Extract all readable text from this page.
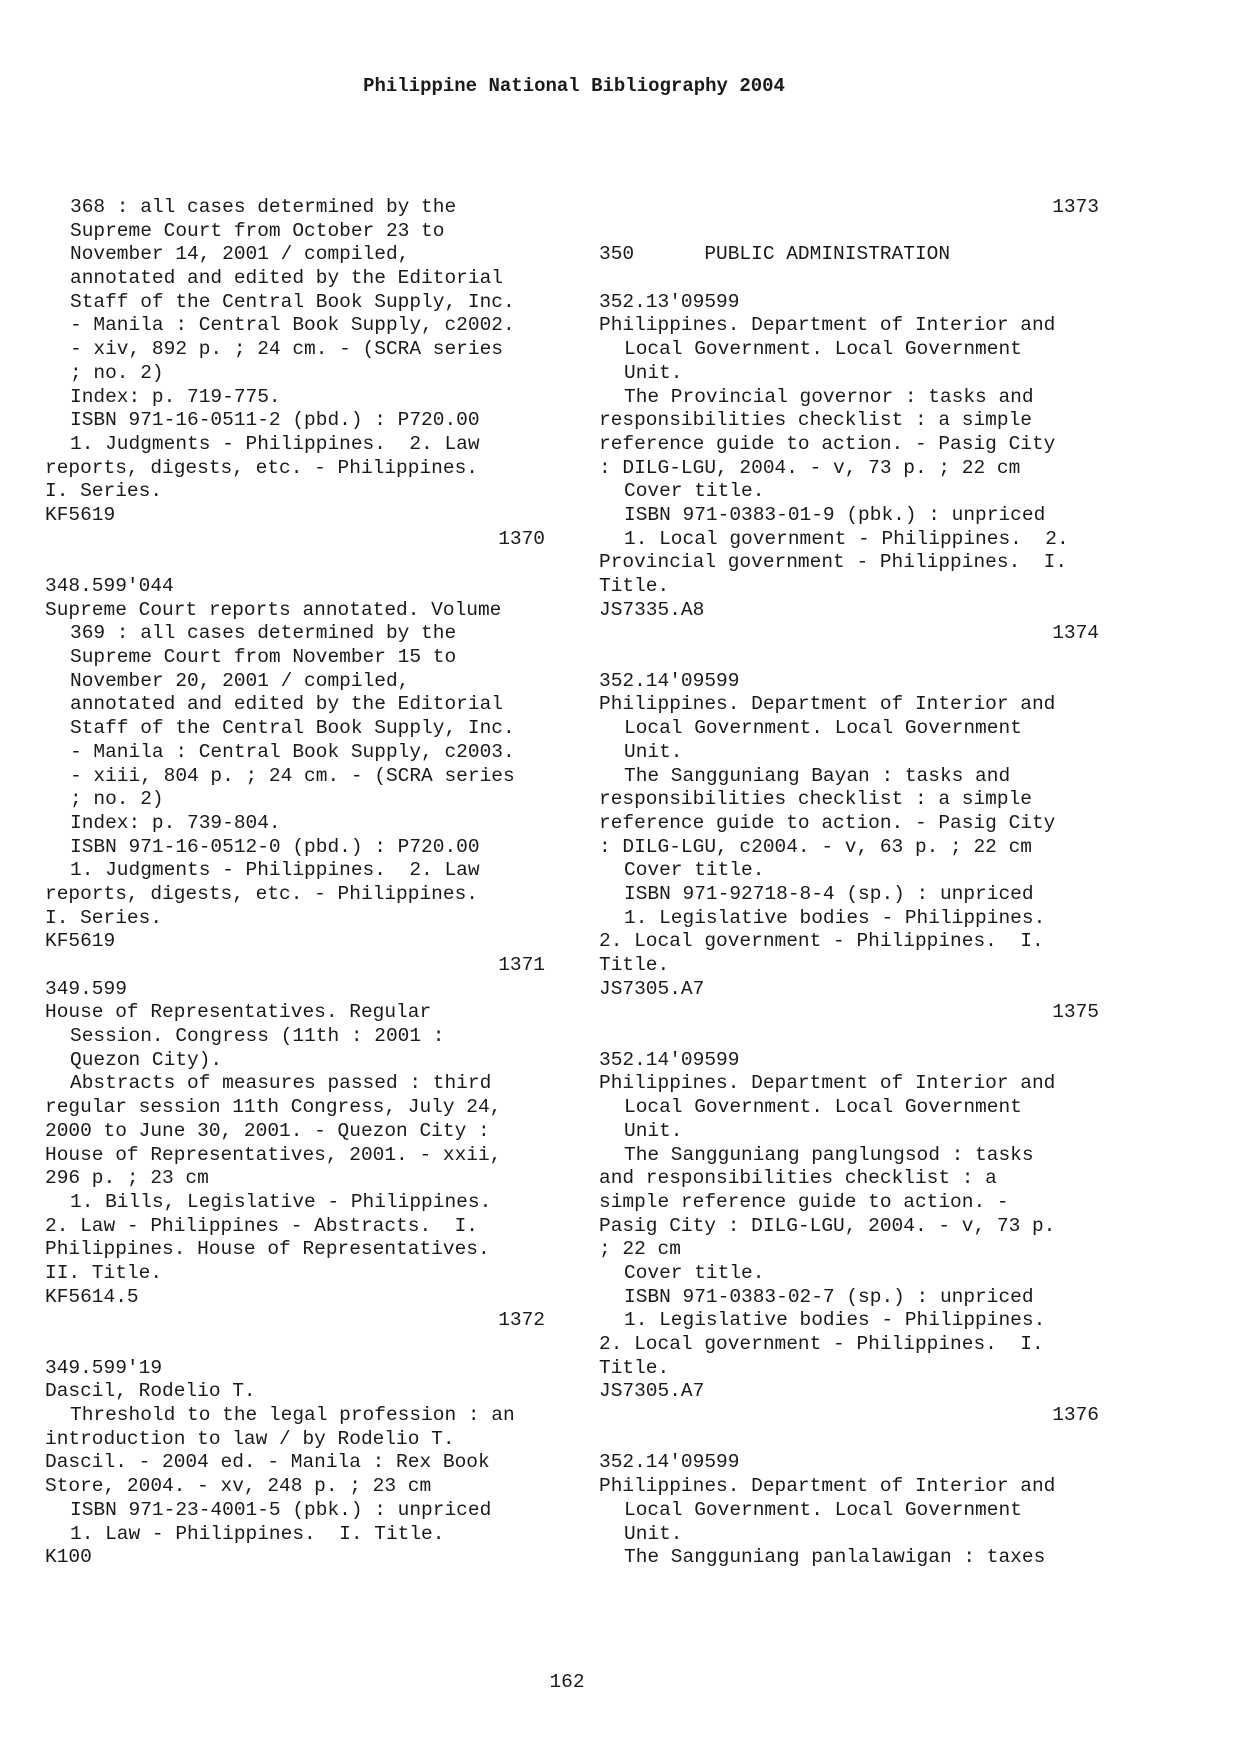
Philippine National Bibliography 2004
368 : all cases determined by the
Supreme Court from October 23 to
November 14, 2001 / compiled,
annotated and edited by the Editorial
Staff of the Central Book Supply, Inc.
- Manila : Central Book Supply, c2002.
- xiv, 892 p. ; 24 cm. - (SCRA series
; no. 2)
Index: p. 719-775.
ISBN 971-16-0511-2 (pbd.) : P720.00
1. Judgments - Philippines.  2. Law
reports, digests, etc. - Philippines.
I. Series.
KF5619
1370
348.599'044
Supreme Court reports annotated. Volume
369 : all cases determined by the
Supreme Court from November 15 to
November 20, 2001 / compiled,
annotated and edited by the Editorial
Staff of the Central Book Supply, Inc.
- Manila : Central Book Supply, c2003.
- xiii, 804 p. ; 24 cm. - (SCRA series
; no. 2)
Index: p. 739-804.
ISBN 971-16-0512-0 (pbd.) : P720.00
1. Judgments - Philippines.  2. Law
reports, digests, etc. - Philippines.
I. Series.
KF5619
1371
349.599
House of Representatives. Regular
Session. Congress (11th : 2001 :
Quezon City).
Abstracts of measures passed : third
regular session 11th Congress, July 24,
2000 to June 30, 2001. - Quezon City :
House of Representatives, 2001. - xxii,
296 p. ; 23 cm
1. Bills, Legislative - Philippines.
2. Law - Philippines - Abstracts.  I.
Philippines. House of Representatives.
II. Title.
KF5614.5
1372
349.599'19
Dascil, Rodelio T.
Threshold to the legal profession : an
introduction to law / by Rodelio T.
Dascil. - 2004 ed. - Manila : Rex Book
Store, 2004. - xv, 248 p. ; 23 cm
ISBN 971-23-4001-5 (pbk.) : unpriced
1. Law - Philippines.  I. Title.
K100
1373
350      PUBLIC ADMINISTRATION
352.13'09599
Philippines. Department of Interior and
Local Government. Local Government
Unit.
The Provincial governor : tasks and
responsibilities checklist : a simple
reference guide to action. - Pasig City
: DILG-LGU, 2004. - v, 73 p. ; 22 cm
Cover title.
ISBN 971-0383-01-9 (pbk.) : unpriced
1. Local government - Philippines.  2.
Provincial government - Philippines.  I.
Title.
JS7335.A8
1374
352.14'09599
Philippines. Department of Interior and
Local Government. Local Government
Unit.
The Sangguniang Bayan : tasks and
responsibilities checklist : a simple
reference guide to action. - Pasig City
: DILG-LGU, c2004. - v, 63 p. ; 22 cm
Cover title.
ISBN 971-92718-8-4 (sp.) : unpriced
1. Legislative bodies - Philippines.
2. Local government - Philippines.  I.
Title.
JS7305.A7
1375
352.14'09599
Philippines. Department of Interior and
Local Government. Local Government
Unit.
The Sangguniang panglungsod : tasks
and responsibilities checklist : a
simple reference guide to action. -
Pasig City : DILG-LGU, 2004. - v, 73 p.
; 22 cm
Cover title.
ISBN 971-0383-02-7 (sp.) : unpriced
1. Legislative bodies - Philippines.
2. Local government - Philippines.  I.
Title.
JS7305.A7
1376
352.14'09599
Philippines. Department of Interior and
Local Government. Local Government
Unit.
The Sangguniang panlalawigan : taxes
162
